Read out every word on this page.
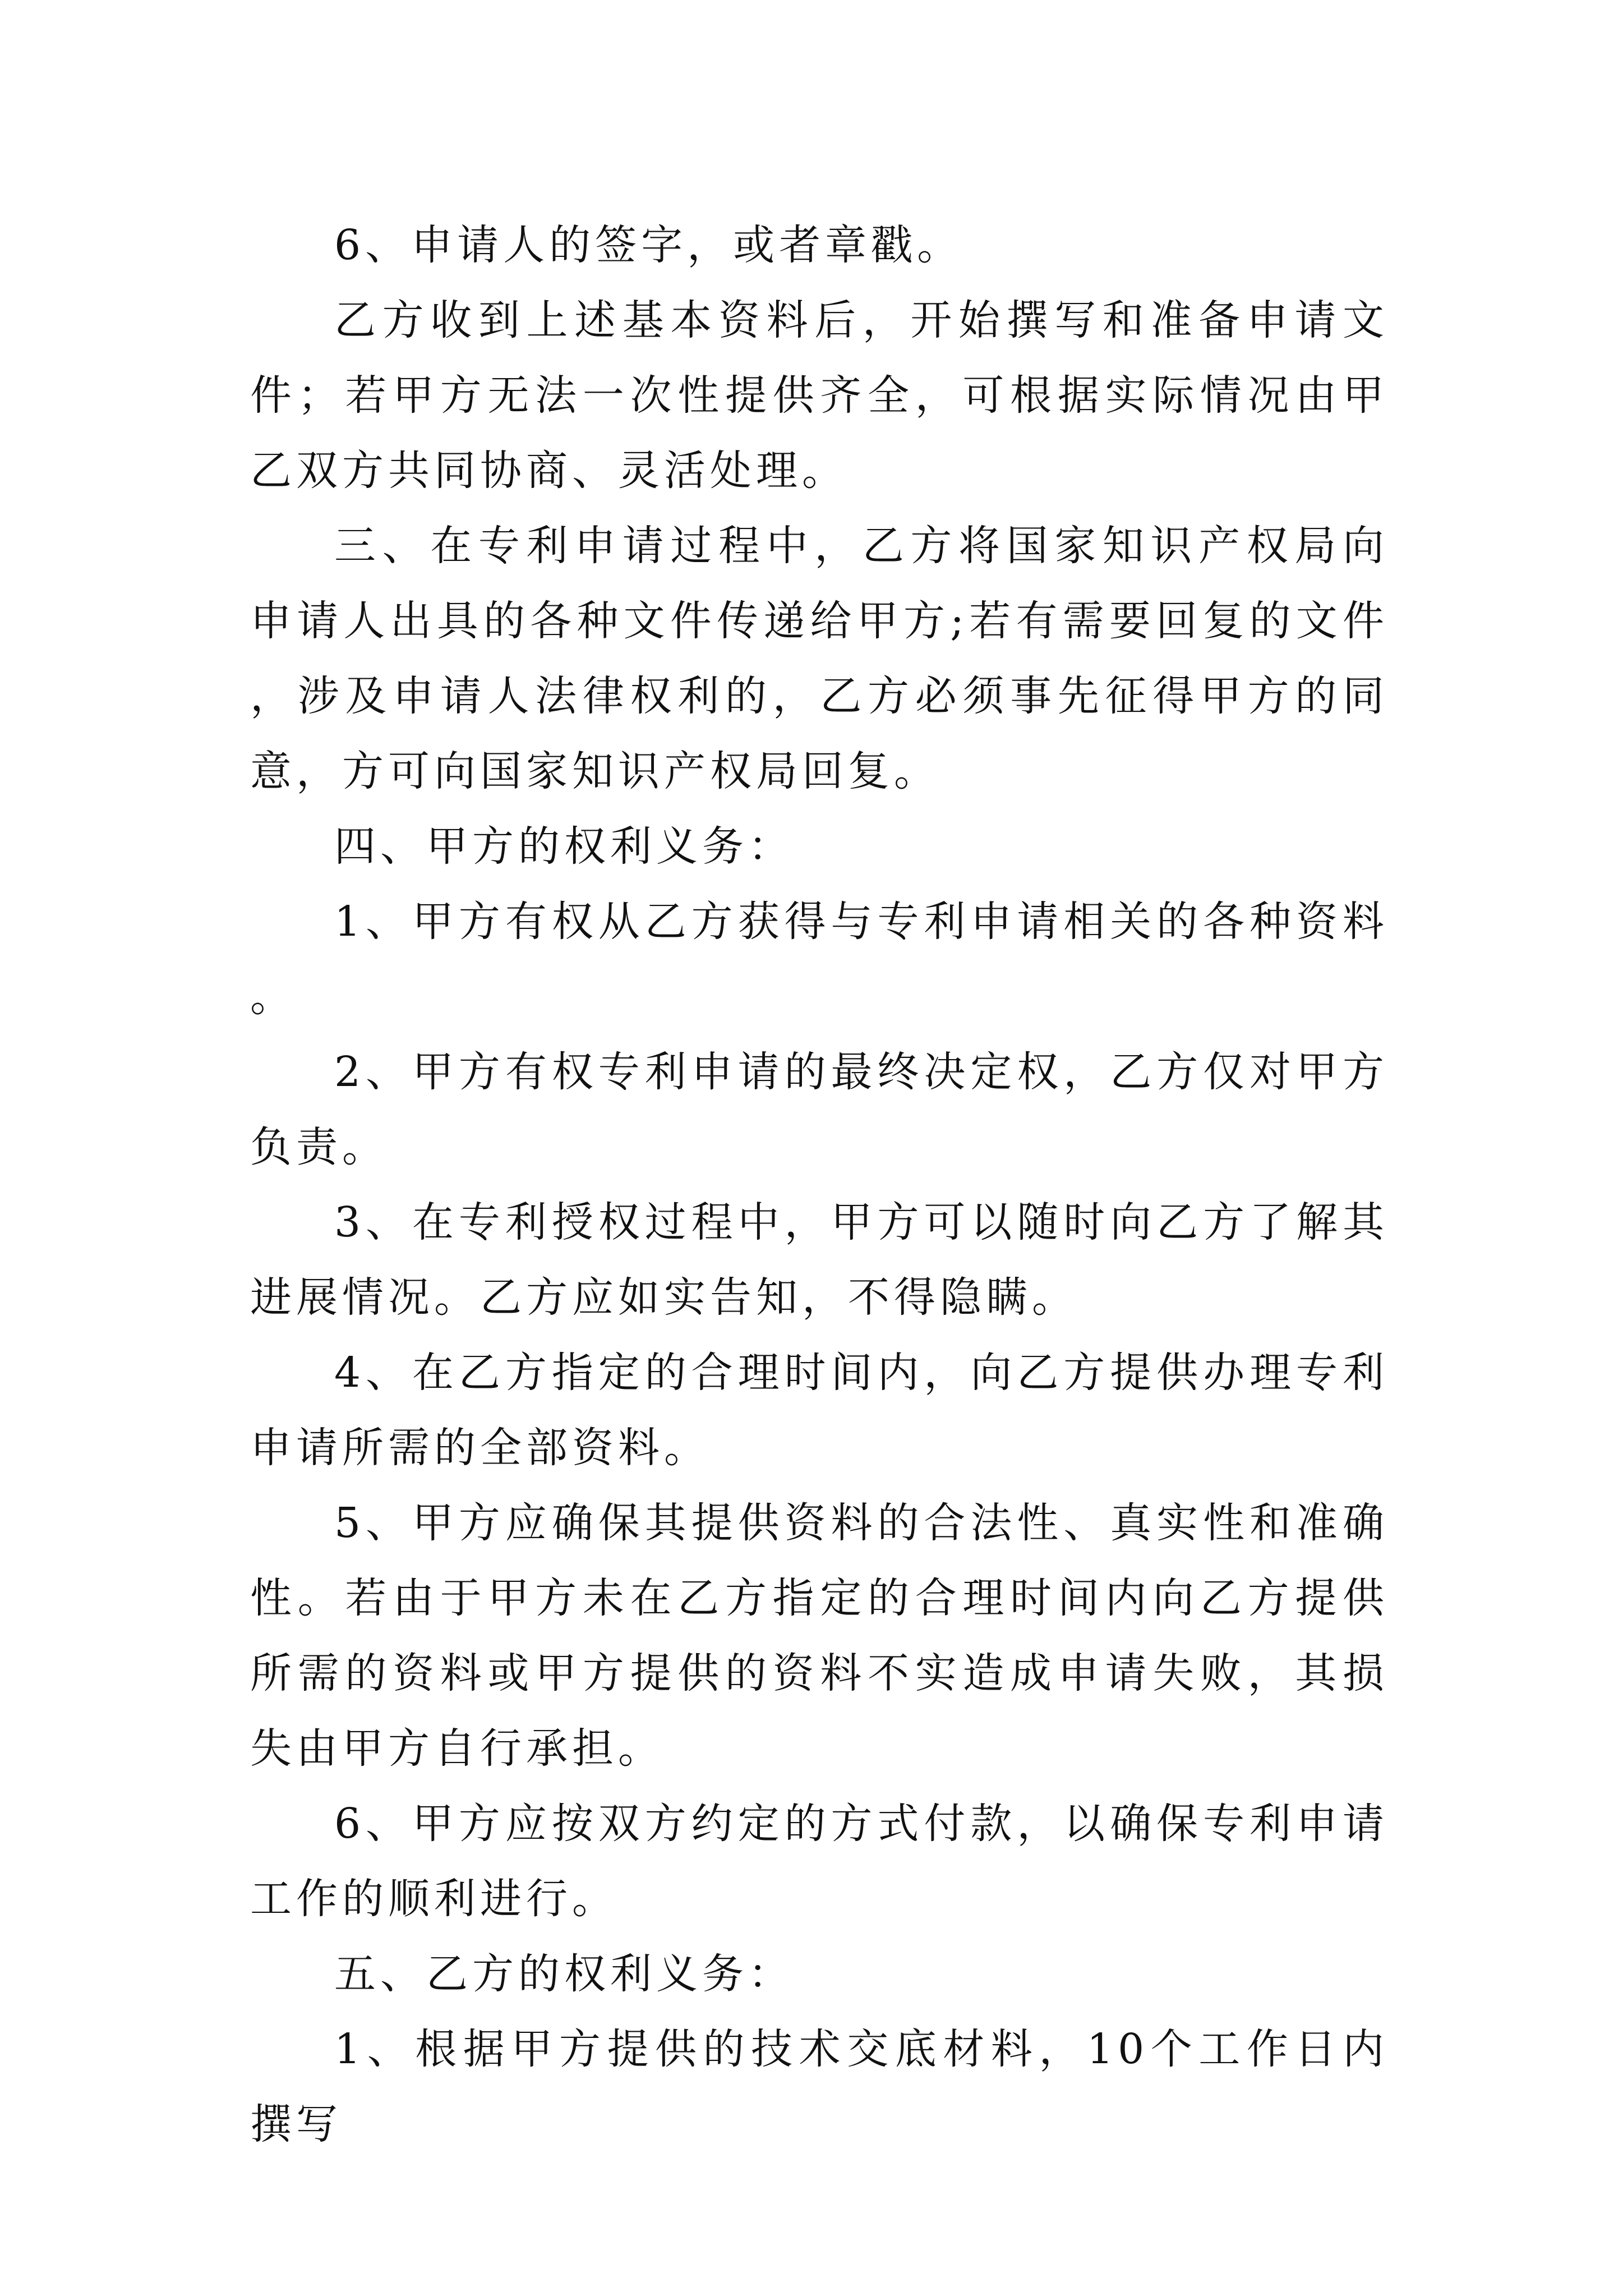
6、申请人的签字，或者章戳。

乙方收到上述基本资料后，开始撰写和准备申请文件；若甲方无法一次性提供齐全，可根据实际情况由甲乙双方共同协商、灵活处理。

三、在专利申请过程中，乙方将国家知识产权局向申请人出具的各种文件传递给甲方;若有需要回复的文件，涉及申请人法律权利的，乙方必须事先征得甲方的同意，方可向国家知识产权局回复。

四、甲方的权利义务：

1、甲方有权从乙方获得与专利申请相关的各种资料。

2、甲方有权专利申请的最终决定权，乙方仅对甲方负责。

3、在专利授权过程中，甲方可以随时向乙方了解其进展情况。乙方应如实告知，不得隐瞒。

4、在乙方指定的合理时间内，向乙方提供办理专利申请所需的全部资料。

5、甲方应确保其提供资料的合法性、真实性和准确性。若由于甲方未在乙方指定的合理时间内向乙方提供所需的资料或甲方提供的资料不实造成申请失败，其损失由甲方自行承担。

6、甲方应按双方约定的方式付款，以确保专利申请工作的顺利进行。

五、乙方的权利义务：

1、根据甲方提供的技术交底材料，10个工作日内撰写
